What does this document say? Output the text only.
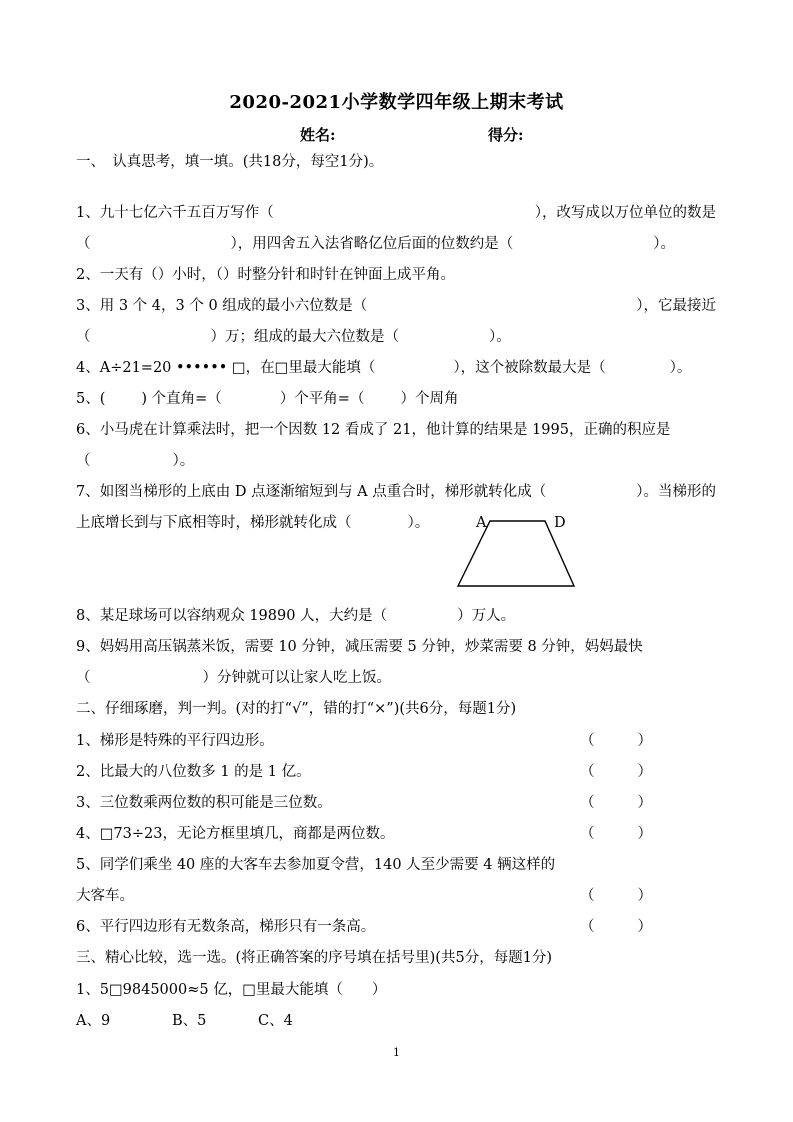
2020-2021小学数学四年级上期末考试
姓名:	得分:
一、　认真思考，填一填。(共18分，每空1分)。
1、九十七亿六千五百万写作（	），改写成以万位单位的数是
（	），用四舍五入法省略亿位后面的位数约是（	）。
2、一天有（）小时，（）时整分针和时针在钟面上成平角。
3、用 3 个 4，3 个 0 组成的最小六位数是（	），它最接近
（	）万；组成的最大六位数是（	）。
4、A÷21=20 •••••• □，在□里最大能填（	），这个被除数最大是（	）。
5、( ) 个直角=（	）个平角=（ ）个周角
6、小马虎在计算乘法时，把一个因数 12 看成了 21，他计算的结果是 1995，正确的积应是
（	）。
7、如图当梯形的上底由 D 点逐渐缩短到与 A 点重合时，梯形就转化成（	）。当梯形的
上底增长到与下底相等时，梯形就转化成（	）。	A	D
8、某足球场可以容纳观众 19890 人，大约是（	）万人。
9、妈妈用高压锅蒸米饭，需要 10 分钟，减压需要 5 分钟，炒菜需要 8 分钟，妈妈最快
（	）分钟就可以让家人吃上饭。
二、仔细琢磨，判一判。(对的打“√”，错的打“×”)(共6分，每题1分)
1、梯形是特殊的平行四边形。	（	）
2、比最大的八位数多 1 的是 1 亿。	（	）
3、三位数乘两位数的积可能是三位数。	（	）
4、□73÷23，无论方框里填几，商都是两位数。	（	）
5、同学们乘坐 40 座的大客车去参加夏令营，140 人至少需要 4 辆这样的
大客车。	（	）
6、平行四边形有无数条高，梯形只有一条高。	（	）
三、精心比较，选一选。(将正确答案的序号填在括号里)(共5分，每题1分)
1、5□9845000≈5 亿，□里最大能填（　　）
A、9	B、5	C、4
1
